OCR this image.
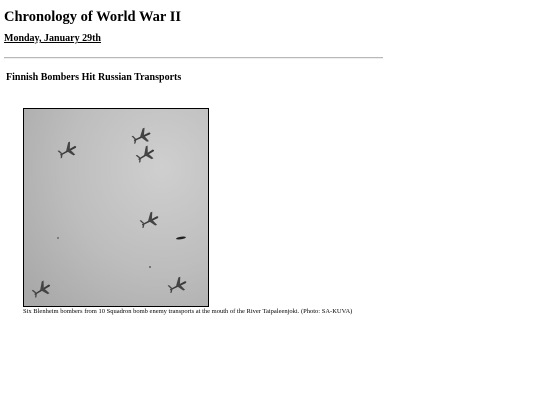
Chronology of World War II
Monday, January 29th
Finnish Bombers Hit Russian Transports

Six Blenheim bombers from 10 Squadron bomb enemy transports at the mouth of the River Taipaleenjoki. (Photo: SA-KUVA)
